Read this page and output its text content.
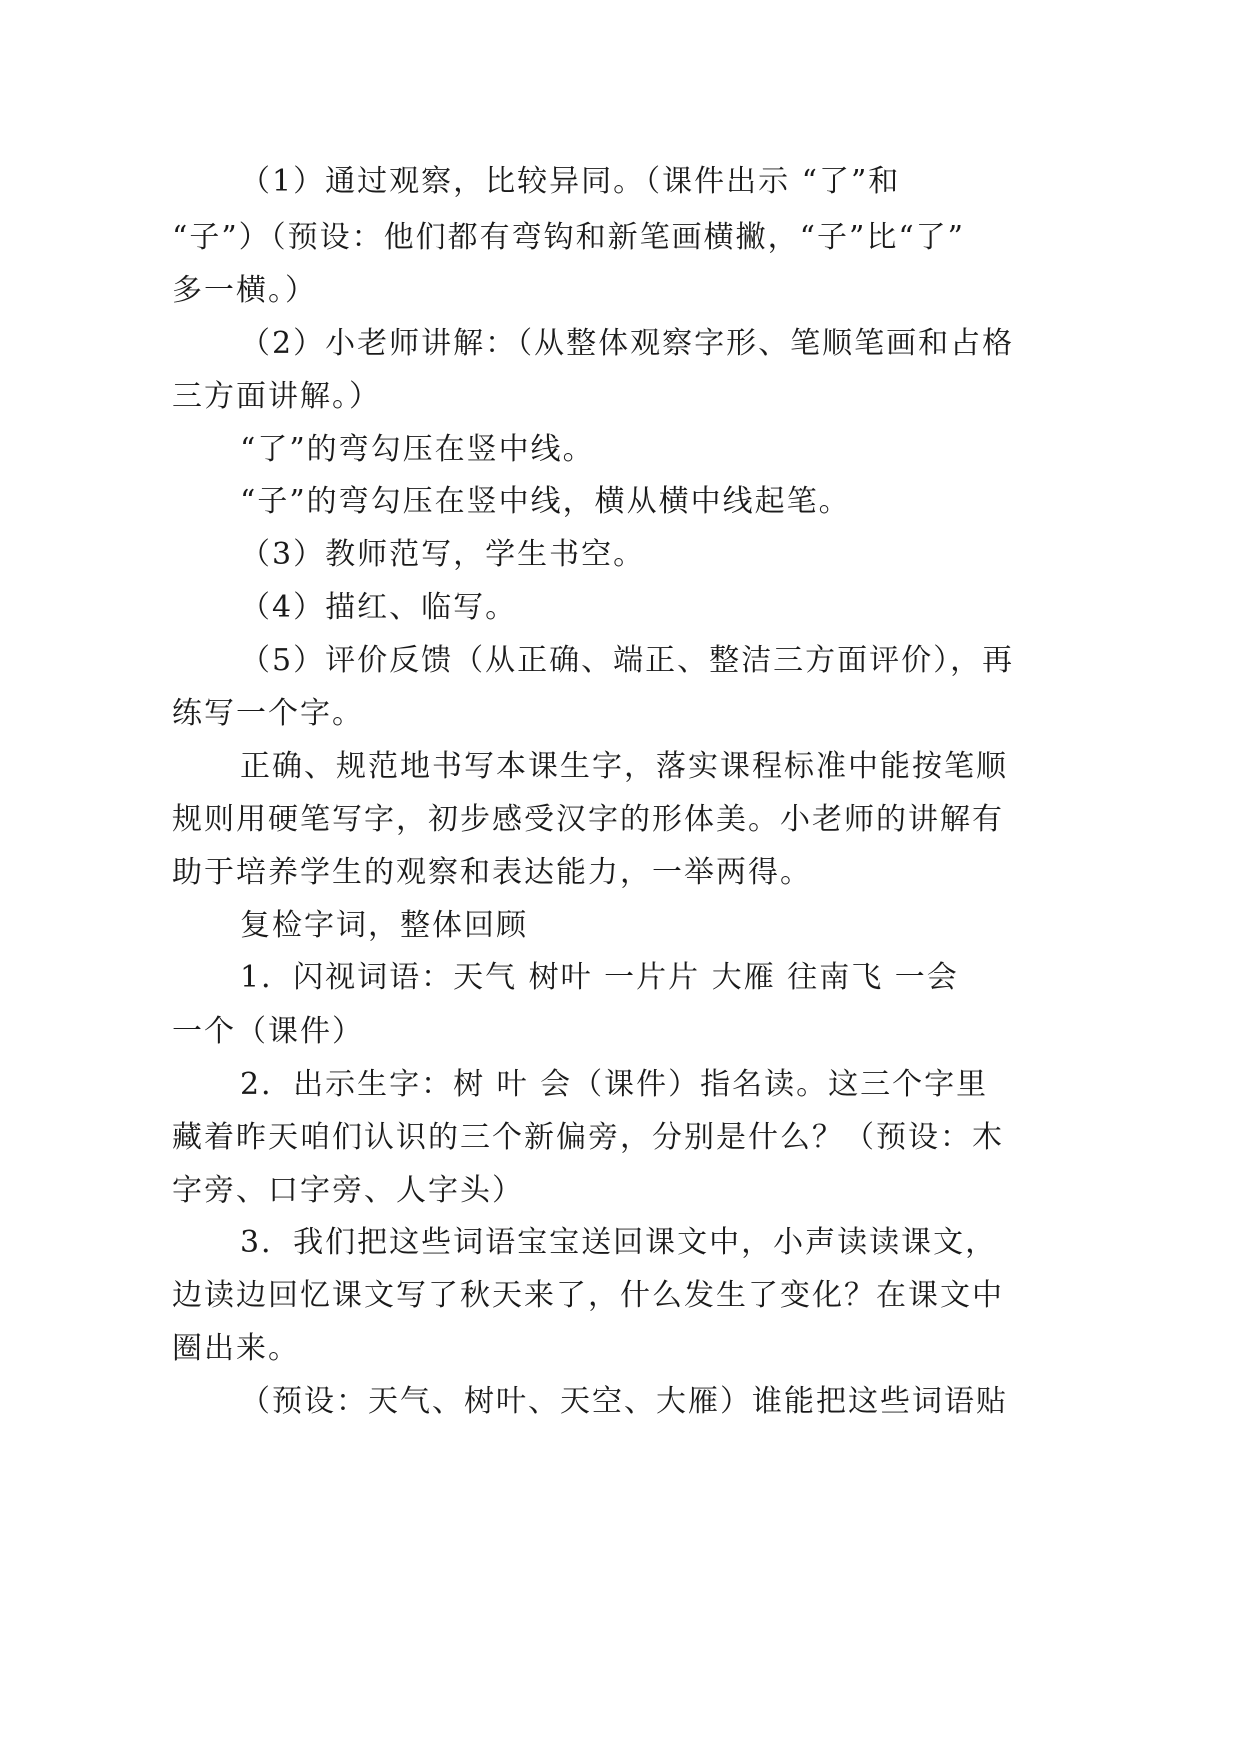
（1）通过观察，比较异同。（课件出示 “了”和
“子”）（预设：他们都有弯钩和新笔画横撇，“子”比“了”
多一横。）
（2）小老师讲解：（从整体观察字形、笔顺笔画和占格
三方面讲解。）
“了”的弯勾压在竖中线。
“子”的弯勾压在竖中线，横从横中线起笔。
（3）教师范写，学生书空。
（4）描红、临写。
（5）评价反馈（从正确、端正、整洁三方面评价），再
练写一个字。
正确、规范地书写本课生字，落实课程标准中能按笔顺
规则用硬笔写字，初步感受汉字的形体美。小老师的讲解有
助于培养学生的观察和表达能力，一举两得。
复检字词，整体回顾
1．闪视词语：天气 树叶 一片片 大雁 往南飞 一会
一个（课件）
2．出示生字：树 叶 会（课件）指名读。这三个字里
藏着昨天咱们认识的三个新偏旁，分别是什么？（预设：木
字旁、口字旁、人字头）
3．我们把这些词语宝宝送回课文中，小声读读课文，
边读边回忆课文写了秋天来了，什么发生了变化？在课文中
圈出来。
（预设：天气、树叶、天空、大雁）谁能把这些词语贴
